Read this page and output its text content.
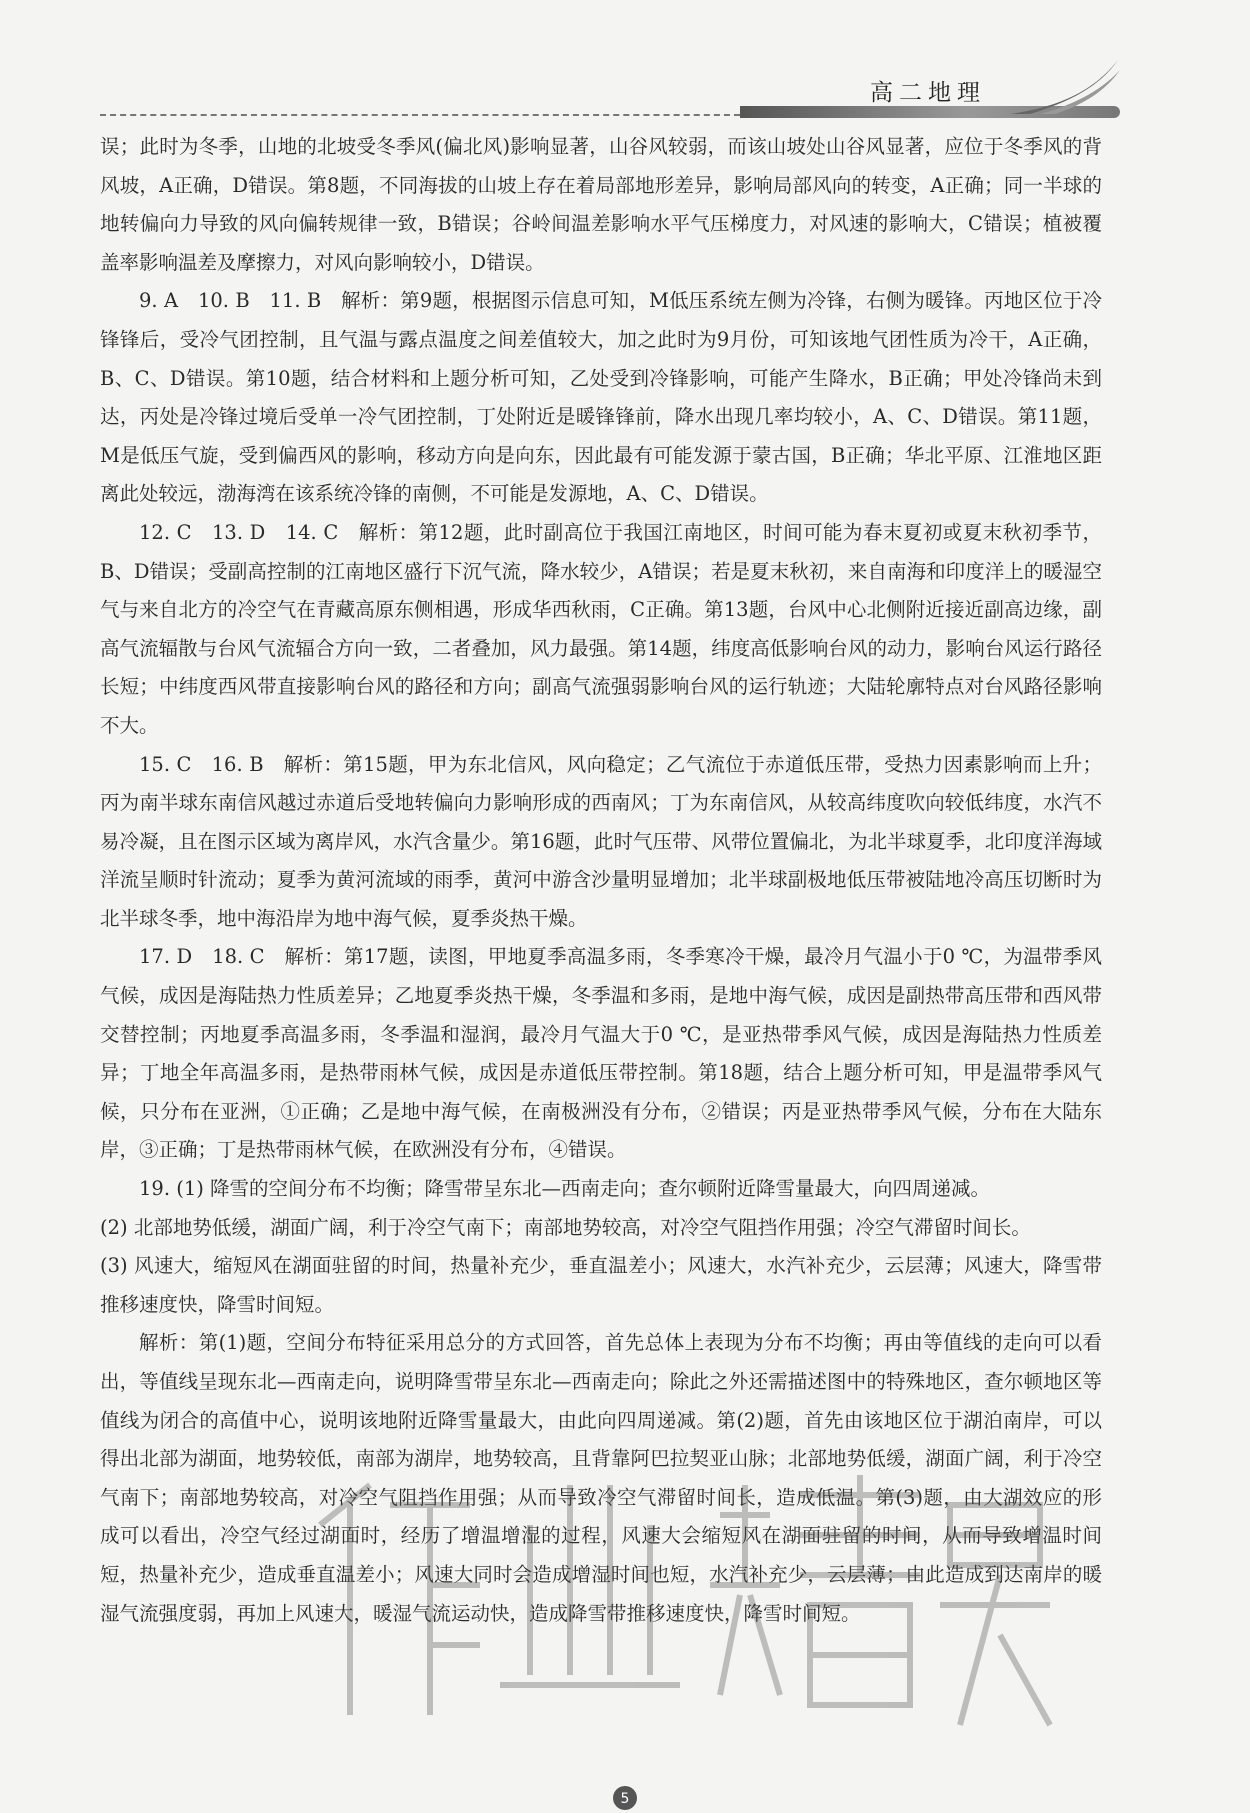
高二地理

误；此时为冬季，山地的北坡受冬季风(偏北风)影响显著，山谷风较弱，而该山坡处山谷风显著，应位于冬季风的背风坡，A正确，D错误。第8题，不同海拔的山坡上存在着局部地形差异，影响局部风向的转变，A正确；同一半球的地转偏向力导致的风向偏转规律一致，B错误；谷岭间温差影响水平气压梯度力，对风速的影响大，C错误；植被覆盖率影响温差及摩擦力，对风向影响较小，D错误。

9. A　10. B　11. B　解析：第9题，根据图示信息可知，M低压系统左侧为冷锋，右侧为暖锋。丙地区位于冷锋锋后，受冷气团控制，且气温与露点温度之间差值较大，加之此时为9月份，可知该地气团性质为冷干，A正确，B、C、D错误。第10题，结合材料和上题分析可知，乙处受到冷锋影响，可能产生降水，B正确；甲处冷锋尚未到达，丙处是冷锋过境后受单一冷气团控制，丁处附近是暖锋锋前，降水出现几率均较小，A、C、D错误。第11题，M是低压气旋，受到偏西风的影响，移动方向是向东，因此最有可能发源于蒙古国，B正确；华北平原、江淮地区距离此处较远，渤海湾在该系统冷锋的南侧，不可能是发源地，A、C、D错误。

12. C　13. D　14. C　解析：第12题，此时副高位于我国江南地区，时间可能为春末夏初或夏末秋初季节，B、D错误；受副高控制的江南地区盛行下沉气流，降水较少，A错误；若是夏末秋初，来自南海和印度洋上的暖湿空气与来自北方的冷空气在青藏高原东侧相遇，形成华西秋雨，C正确。第13题，台风中心北侧附近接近副高边缘，副高气流辐散与台风气流辐合方向一致，二者叠加，风力最强。第14题，纬度高低影响台风的动力，影响台风运行路径长短；中纬度西风带直接影响台风的路径和方向；副高气流强弱影响台风的运行轨迹；大陆轮廓特点对台风路径影响不大。

15. C　16. B　解析：第15题，甲为东北信风，风向稳定；乙气流位于赤道低压带，受热力因素影响而上升；丙为南半球东南信风越过赤道后受地转偏向力影响形成的西南风；丁为东南信风，从较高纬度吹向较低纬度，水汽不易冷凝，且在图示区域为离岸风，水汽含量少。第16题，此时气压带、风带位置偏北，为北半球夏季，北印度洋海域洋流呈顺时针流动；夏季为黄河流域的雨季，黄河中游含沙量明显增加；北半球副极地低压带被陆地冷高压切断时为北半球冬季，地中海沿岸为地中海气候，夏季炎热干燥。

17. D　18. C　解析：第17题，读图，甲地夏季高温多雨，冬季寒冷干燥，最冷月气温小于0 ℃，为温带季风气候，成因是海陆热力性质差异；乙地夏季炎热干燥，冬季温和多雨，是地中海气候，成因是副热带高压带和西风带交替控制；丙地夏季高温多雨，冬季温和湿润，最冷月气温大于0 ℃，是亚热带季风气候，成因是海陆热力性质差异；丁地全年高温多雨，是热带雨林气候，成因是赤道低压带控制。第18题，结合上题分析可知，甲是温带季风气候，只分布在亚洲，①正确；乙是地中海气候，在南极洲没有分布，②错误；丙是亚热带季风气候，分布在大陆东岸，③正确；丁是热带雨林气候，在欧洲没有分布，④错误。

19. (1) 降雪的空间分布不均衡；降雪带呈东北—西南走向；查尔顿附近降雪量最大，向四周递减。

(2) 北部地势低缓，湖面广阔，利于冷空气南下；南部地势较高，对冷空气阻挡作用强；冷空气滞留时间长。

(3) 风速大，缩短风在湖面驻留的时间，热量补充少，垂直温差小；风速大，水汽补充少，云层薄；风速大，降雪带推移速度快，降雪时间短。

解析：第(1)题，空间分布特征采用总分的方式回答，首先总体上表现为分布不均衡；再由等值线的走向可以看出，等值线呈现东北—西南走向，说明降雪带呈东北—西南走向；除此之外还需描述图中的特殊地区，查尔顿地区等值线为闭合的高值中心，说明该地附近降雪量最大，由此向四周递减。第(2)题，首先由该地区位于湖泊南岸，可以得出北部为湖面，地势较低，南部为湖岸，地势较高，且背靠阿巴拉契亚山脉；北部地势低缓，湖面广阔，利于冷空气南下；南部地势较高，对冷空气阻挡作用强；从而导致冷空气滞留时间长，造成低温。第(3)题，由大湖效应的形成可以看出，冷空气经过湖面时，经历了增温增湿的过程，风速大会缩短风在湖面驻留的时间，从而导致增温时间短，热量补充少，造成垂直温差小；风速大同时会造成增湿时间也短，水汽补充少，云层薄；由此造成到达南岸的暖湿气流强度弱，再加上风速大，暖湿气流运动快，造成降雪带推移速度快，降雪时间短。

5
